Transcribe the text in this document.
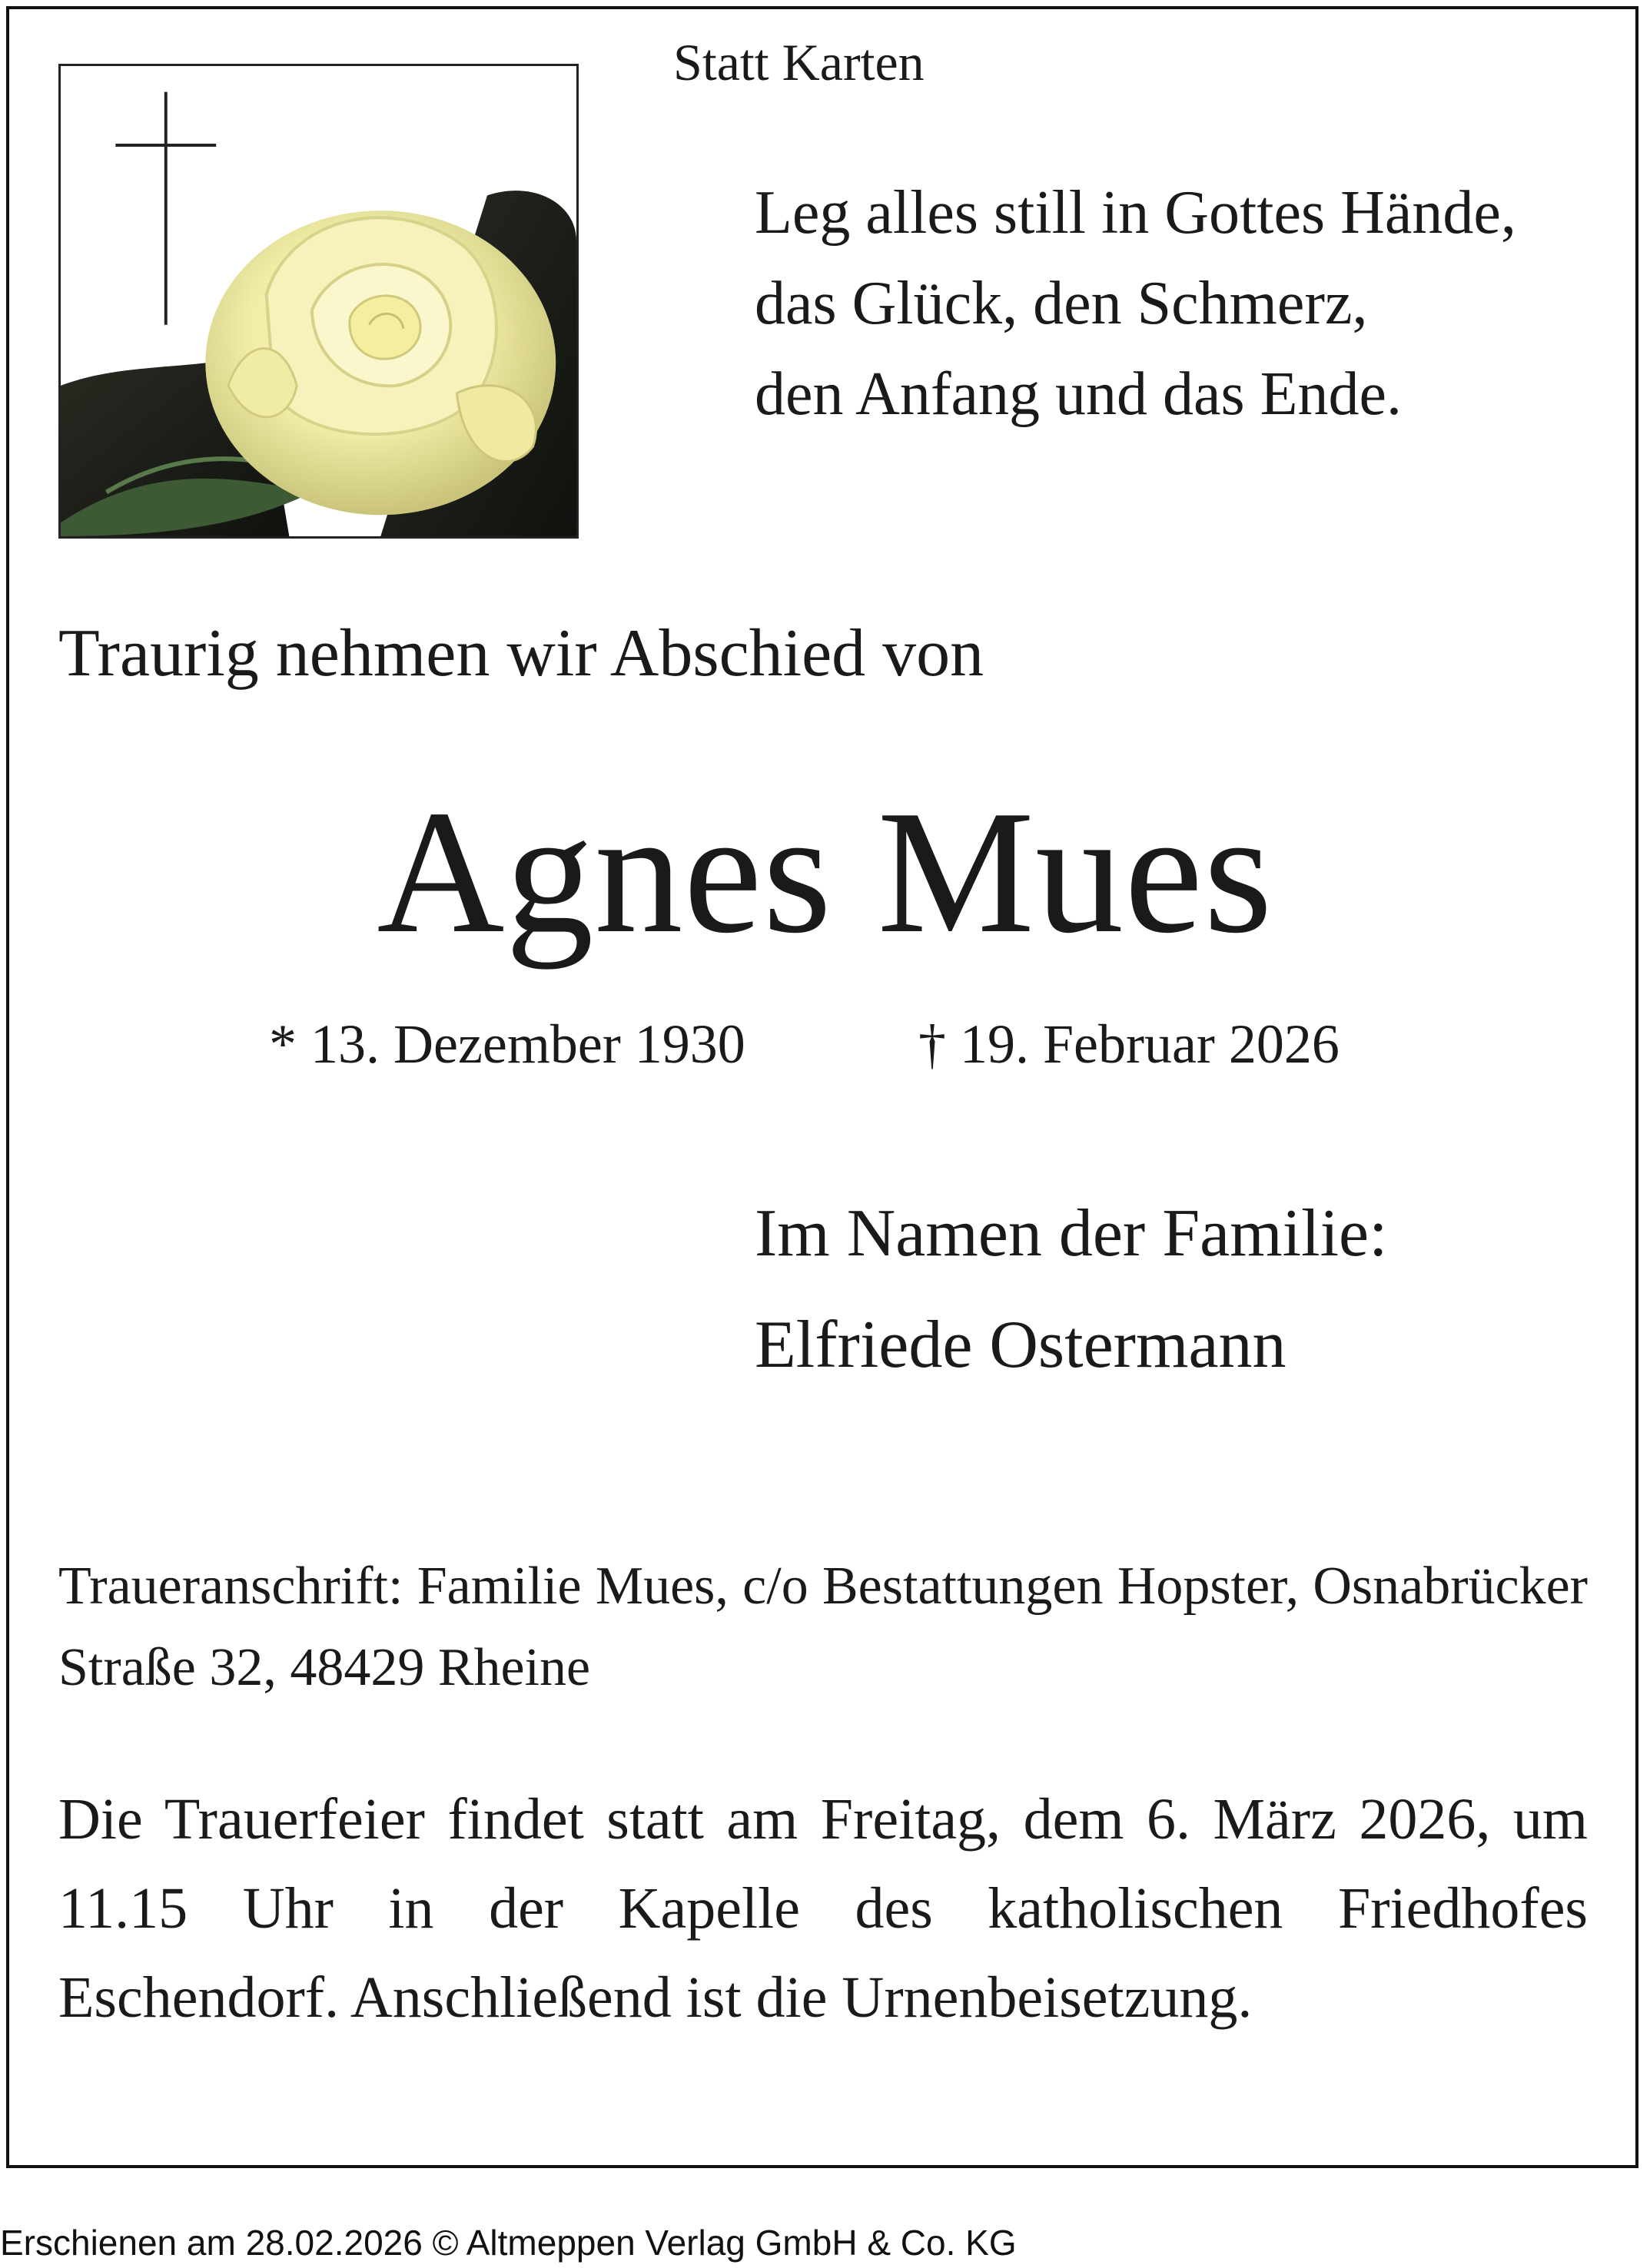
Statt Karten
Leg alles still in Gottes Hände,
das Glück, den Schmerz,
den Anfang und das Ende.
Traurig nehmen wir Abschied von
Agnes Mues
* 13. Dezember 1930	† 19. Februar 2026
Im Namen der Familie:
Elfriede Ostermann
Traueranschrift: Familie Mues, c/o Bestattungen Hopster, Osnabrücker Straße 32, 48429 Rheine
Die Trauerfeier findet statt am Freitag, dem 6. März 2026, um 11.15 Uhr in der Kapelle des katholischen Friedhofes Eschendorf. Anschließend ist die Urnenbeisetzung.
Erschienen am 28.02.2026 © Altmeppen Verlag GmbH & Co. KG
